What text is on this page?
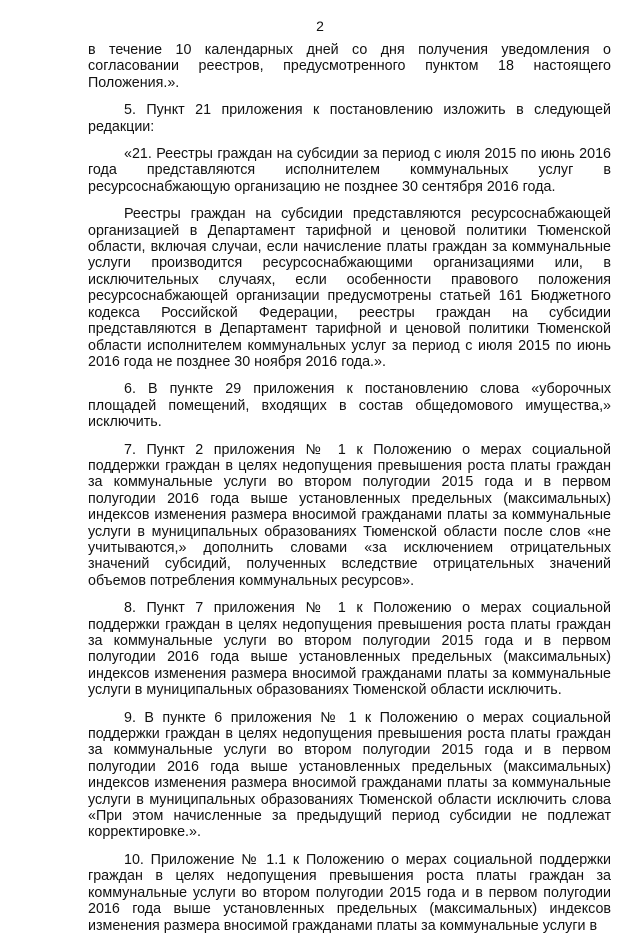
2

в течение 10 календарных дней со дня получения уведомления о согласовании реестров, предусмотренного пунктом 18 настоящего Положения.».

5. Пункт 21 приложения к постановлению изложить в следующей редакции:

«21. Реестры граждан на субсидии за период с июля 2015 по июнь 2016 года представляются исполнителем коммунальных услуг в ресурсоснабжающую организацию не позднее 30 сентября 2016 года.

Реестры граждан на субсидии представляются ресурсоснабжающей организацией в Департамент тарифной и ценовой политики Тюменской области, включая случаи, если начисление платы граждан за коммунальные услуги производится ресурсоснабжающими организациями или, в исключительных случаях, если особенности правового положения ресурсоснабжающей организации предусмотрены статьей 161 Бюджетного кодекса Российской Федерации, реестры граждан на субсидии представляются в Департамент тарифной и ценовой политики Тюменской области исполнителем коммунальных услуг за период с июля 2015 по июнь 2016 года не позднее 30 ноября 2016 года.».

6. В пункте 29 приложения к постановлению слова «уборочных площадей помещений, входящих в состав общедомового имущества,» исключить.

7. Пункт 2 приложения № 1 к Положению о мерах социальной поддержки граждан в целях недопущения превышения роста платы граждан за коммунальные услуги во втором полугодии 2015 года и в первом полугодии 2016 года выше установленных предельных (максимальных) индексов изменения размера вносимой гражданами платы за коммунальные услуги в муниципальных образованиях Тюменской области после слов «не учитываются,» дополнить словами «за исключением отрицательных значений субсидий, полученных вследствие отрицательных значений объемов потребления коммунальных ресурсов».

8. Пункт 7 приложения № 1 к Положению о мерах социальной поддержки граждан в целях недопущения превышения роста платы граждан за коммунальные услуги во втором полугодии 2015 года и в первом полугодии 2016 года выше установленных предельных (максимальных) индексов изменения размера вносимой гражданами платы за коммунальные услуги в муниципальных образованиях Тюменской области исключить.

9. В пункте 6 приложения № 1 к Положению о мерах социальной поддержки граждан в целях недопущения превышения роста платы граждан за коммунальные услуги во втором полугодии 2015 года и в первом полугодии 2016 года выше установленных предельных (максимальных) индексов изменения размера вносимой гражданами платы за коммунальные услуги в муниципальных образованиях Тюменской области исключить слова «При этом начисленные за предыдущий период субсидии не подлежат корректировке.».

10. Приложение № 1.1 к Положению о мерах социальной поддержки граждан в целях недопущения превышения роста платы граждан за коммунальные услуги во втором полугодии 2015 года и в первом полугодии 2016 года выше установленных предельных (максимальных) индексов изменения размера вносимой гражданами платы за коммунальные услуги в
